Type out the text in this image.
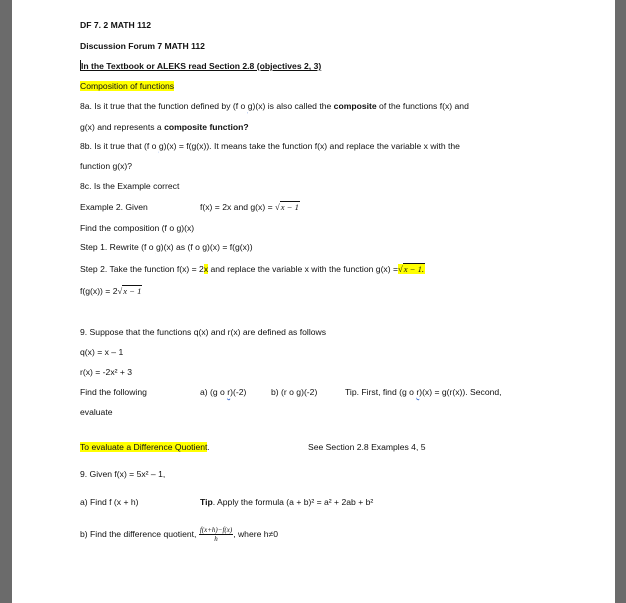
DF 7. 2 MATH 112
Discussion Forum 7 MATH 112
In the Textbook or ALEKS read Section 2.8 (objectives 2, 3)
Composition of functions
8a. Is it true that the function defined by (f o g)(x) is also called the composite of the functions f(x) and
g(x) and represents a composite function?
8b. Is it true that (f o g)(x) = f(g(x)). It means take the function f(x) and replace the variable x with the
function g(x)?
8c. Is the Example correct
Example 2. Given	f(x) = 2x and g(x) = √x − 1
Find the composition (f o g)(x)
Step 1. Rewrite (f o g)(x) as (f o g)(x) = f(g(x))
Step 2. Take the function f(x) = 2x and replace the variable x with the function g(x) =√x − 1.
f(g(x)) = 2√x − 1
9. Suppose that the functions q(x) and r(x) are defined as follows
q(x) = x – 1
r(x) = -2x² + 3
Find the following	a) (g o r)(-2)	b) (r o g)(-2)	Tip. First, find (g o r)(x) = g(r(x)). Second,
evaluate
To evaluate a Difference Quotient.	See Section 2.8 Examples 4, 5
9. Given f(x) = 5x² – 1,
a) Find f (x + h)	Tip. Apply the formula (a + b)² = a² + 2ab + b²
b) Find the difference quotient, $\frac{f(x+h)-f(x)}{h}$ , where h≠0
